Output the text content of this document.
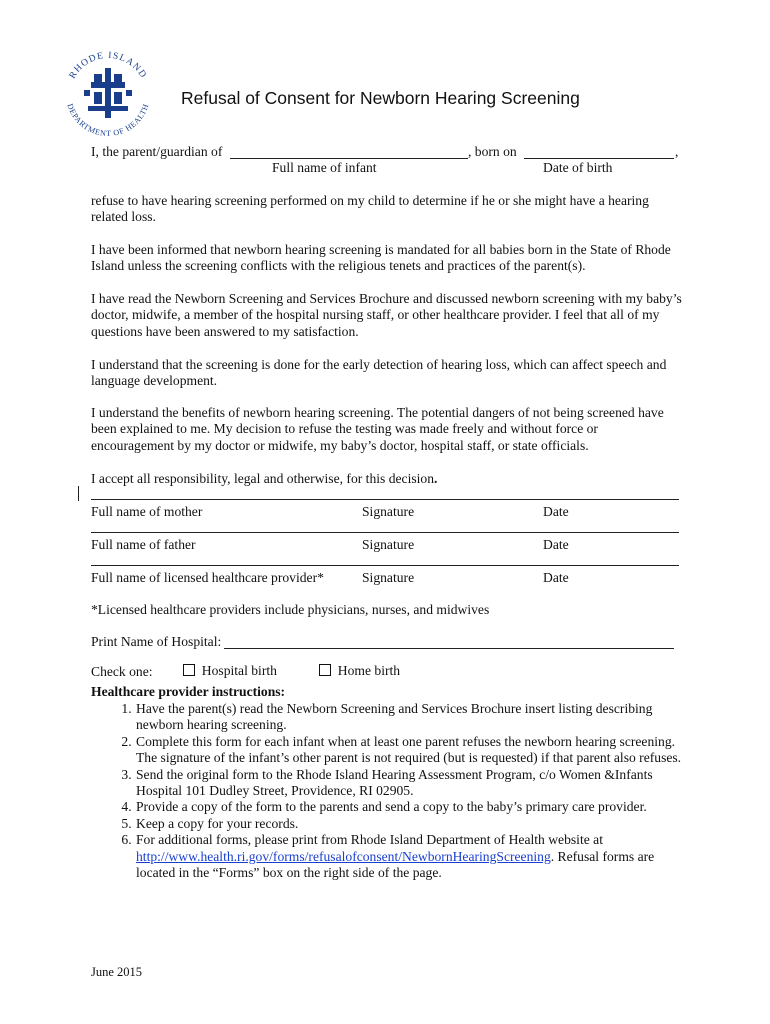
RHODE ISLAND
DEPARTMENT OF HEALTH Refusal of Consent for Newborn Hearing Screening
I, the parent/guardian of	, born on	,
Full name of infant	Date of birth
refuse to have hearing screening performed on my child to determine if he or she might have a hearing related loss.
I have been informed that newborn hearing screening is mandated for all babies born in the State of Rhode Island unless the screening conflicts with the religious tenets and practices of the parent(s).
I have read the Newborn Screening and Services Brochure and discussed newborn screening with my baby’s doctor, midwife, a member of the hospital nursing staff, or other healthcare provider. I feel that all of my questions have been answered to my satisfaction.
I understand that the screening is done for the early detection of hearing loss, which can affect speech and language development.
I understand the benefits of newborn hearing screening. The potential dangers of not being screened have been explained to me. My decision to refuse the testing was made freely and without force or encouragement by my doctor or midwife, my baby’s doctor, hospital staff, or state officials.
I accept all responsibility, legal and otherwise, for this decision.
Full name of mother	Signature	Date
Full name of father	Signature	Date
Full name of licensed healthcare provider*	Signature	Date
*Licensed healthcare providers include physicians, nurses, and midwives
Print Name of Hospital:
Check one:	Hospital birth	Home birth
Healthcare provider instructions:
1. Have the parent(s) read the Newborn Screening and Services Brochure insert listing describing newborn hearing screening.
2. Complete this form for each infant when at least one parent refuses the newborn hearing screening. The signature of the infant’s other parent is not required (but is requested) if that parent also refuses.
3. Send the original form to the Rhode Island Hearing Assessment Program, c/o Women &Infants Hospital 101 Dudley Street, Providence, RI 02905.
4. Provide a copy of the form to the parents and send a copy to the baby’s primary care provider.
5. Keep a copy for your records.
6. For additional forms, please print from Rhode Island Department of Health website at http://www.health.ri.gov/forms/refusalofconsent/NewbornHearingScreening. Refusal forms are located in the “Forms” box on the right side of the page.
June 2015
